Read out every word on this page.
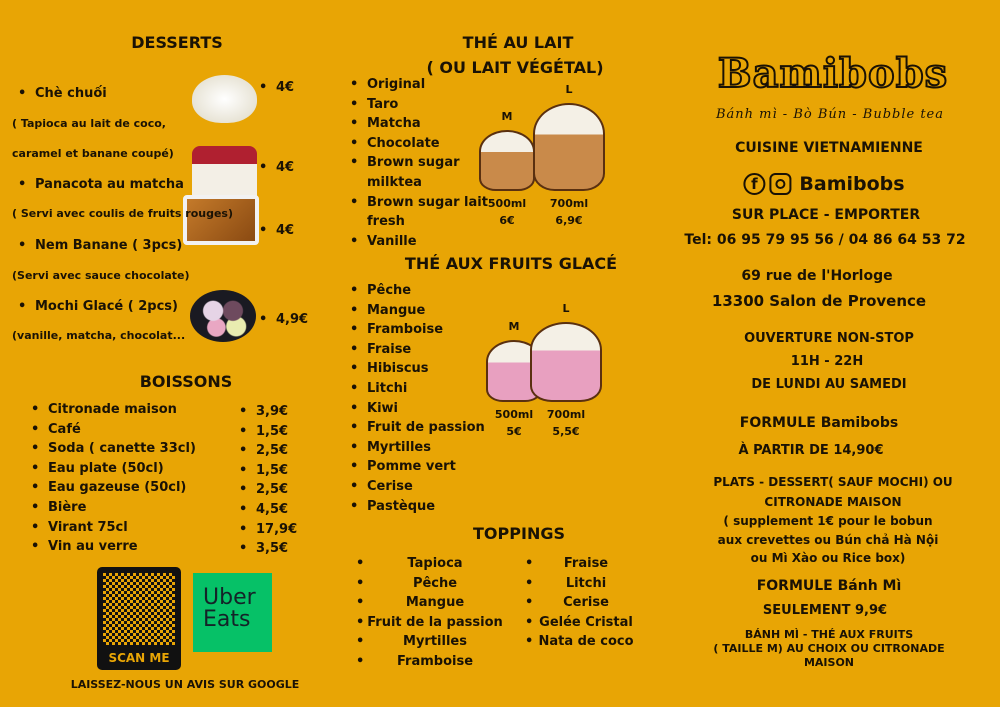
DESSERTS
• Chè chuối
( Tapioca au lait de coco,
caramel et banane coupé)
• 4€
• Panacota au matcha
( Servi avec coulis de fruits rouges)
• 4€
• Nem Banane ( 3pcs)
(Servi avec sauce chocolate)
• 4€
• Mochi Glacé ( 2pcs)
(vanille, matcha, chocolat...
• 4,9€
BOISSONS
• Citronade maison	• 3,9€
• Café	• 1,5€
• Soda ( canette 33cl)	• 2,5€
• Eau plate (50cl)	• 1,5€
• Eau gazeuse (50cl)	• 2,5€
• Bière	• 4,5€
• Virant 75cl	• 17,9€
• Vin au verre	• 3,5€
SCAN ME
Uber
Eats
LAISSEZ-NOUS UN AVIS SUR GOOGLE
THÉ AU LAIT
( OU LAIT VÉGÉTAL)
• Original
• Taro
• Matcha
• Chocolate
• Brown sugar
milktea
• Brown sugar lait
fresh
• Vanille
THÉ AUX FRUITS GLACÉ
• Pêche
• Mangue
• Framboise
• Fraise
• Hibiscus
• Litchi
• Kiwi
• Fruit de passion
• Myrtilles
• Pomme vert
• Cerise
• Pastèque
M
500ml
6€
L
700ml
6,9€
M
500ml
5€
L
700ml
5,5€
TOPPINGS
•	Tapioca
•	Pêche
•	Mangue
• Fruit de la passion
•	Myrtilles
•	Framboise
• Fraise
•	Litchi
• Cerise
• Gelée Cristal
• Nata de coco
Bamibobs
Bánh mì - Bò Bún - Bubble tea
CUISINE VIETNAMIENNE
f	Bamibobs
SUR PLACE - EMPORTER
Tel: 06 95 79 95 56 / 04 86 64 53 72
69 rue de l'Horloge
13300 Salon de Provence
OUVERTURE NON-STOP
11H - 22H
DE LUNDI AU SAMEDI
FORMULE Bamibobs
À PARTIR DE 14,90€
PLATS - DESSERT( SAUF MOCHI) OU
CITRONADE MAISON
( supplement 1€ pour le bobun
aux crevettes ou Bún chả Hà Nội
ou Mì Xào ou Rice box)
FORMULE Bánh Mì
SEULEMENT 9,9€
BÁNH MÌ - THÉ AUX FRUITS
( TAILLE M) AU CHOIX OU CITRONADE
MAISON
